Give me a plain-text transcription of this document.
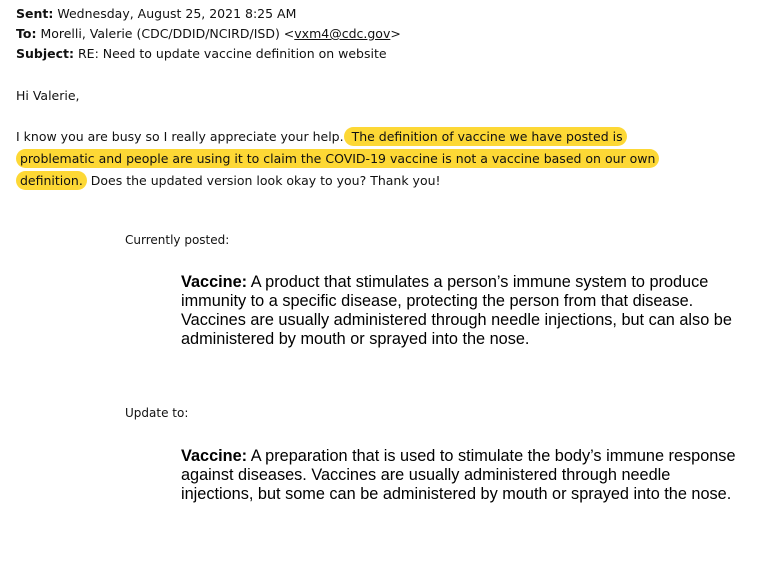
Sent: Wednesday, August 25, 2021 8:25 AM
To: Morelli, Valerie (CDC/DDID/NCIRD/ISD) <vxm4@cdc.gov>
Subject: RE: Need to update vaccine definition on website
Hi Valerie,
I know you are busy so I really appreciate your help. The definition of vaccine we have posted is
problematic and people are using it to claim the COVID-19 vaccine is not a vaccine based on our own
definition. Does the updated version look okay to you? Thank you!
Currently posted:
Vaccine: A product that stimulates a person’s immune system to produce immunity to a specific disease, protecting the person from that disease. Vaccines are usually administered through needle injections, but can also be administered by mouth or sprayed into the nose.
Update to:
Vaccine: A preparation that is used to stimulate the body’s immune response against diseases. Vaccines are usually administered through needle injections, but some can be administered by mouth or sprayed into the nose.
